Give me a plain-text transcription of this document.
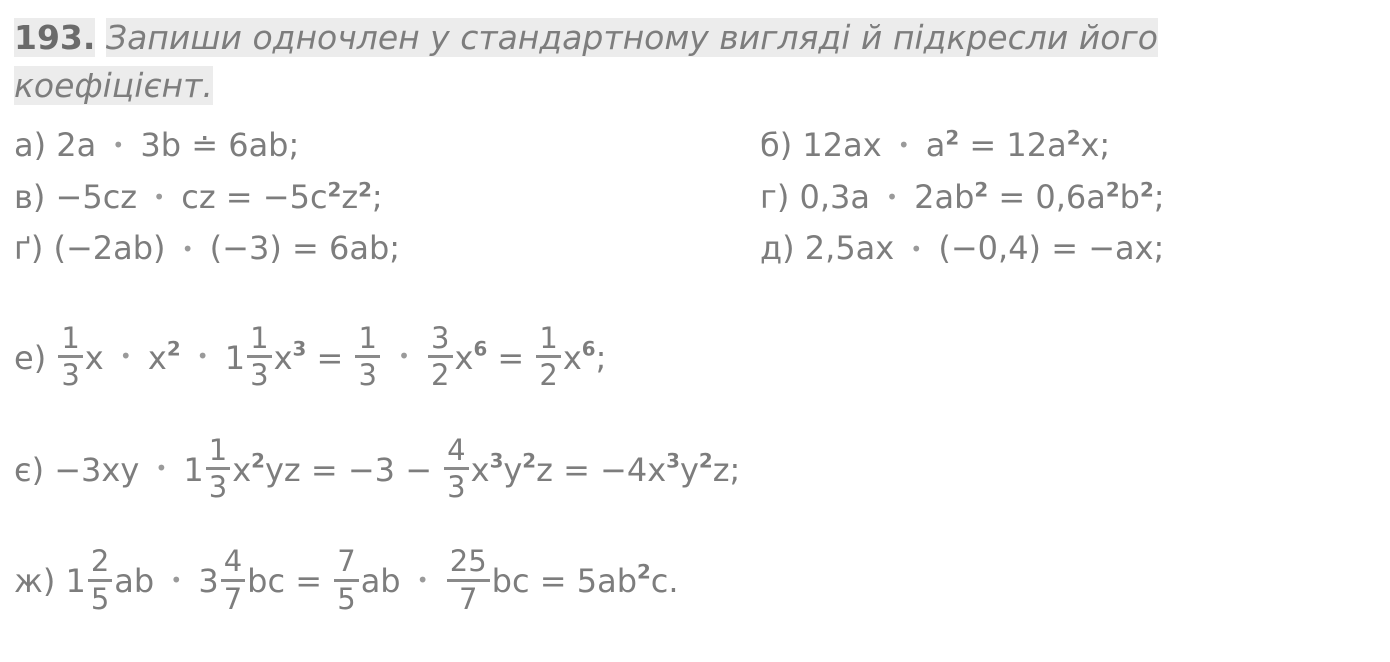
193. Запиши одночлен у стандартному вигляді й підкресли його
коефіцієнт.
а) 2a • 3b ≐ 6ab;
в) −5cz • cz = $-5c^2z^2$;
ґ) (−2ab) • (−3) = 6ab;
б) 12ax • $a^2 = 12a^2x$;
г) 0,3a • $2ab^2 = 0,6a^2b^2$;
д) 2,5ax • (−0,4) = −ax;
$е) \frac{1}{3}$ x • $x^2$ • $1 \frac{1}{3} x^3 = \frac{1}{3}$ • $\frac{3}{2} x^6 = \frac{1}{2} x^6$;
є) −3xy • $1 \frac{1}{3} x^2yz = -3 - \frac{4}{3} x^3y^2z = -4x^3y^2z$;
ж) $1 \frac{2}{5}$ ab • $3 \frac{4}{7}$ bc = $\frac{7}{5}$ ab • $\frac{25}{7}$ bc = $5ab^2c$.
